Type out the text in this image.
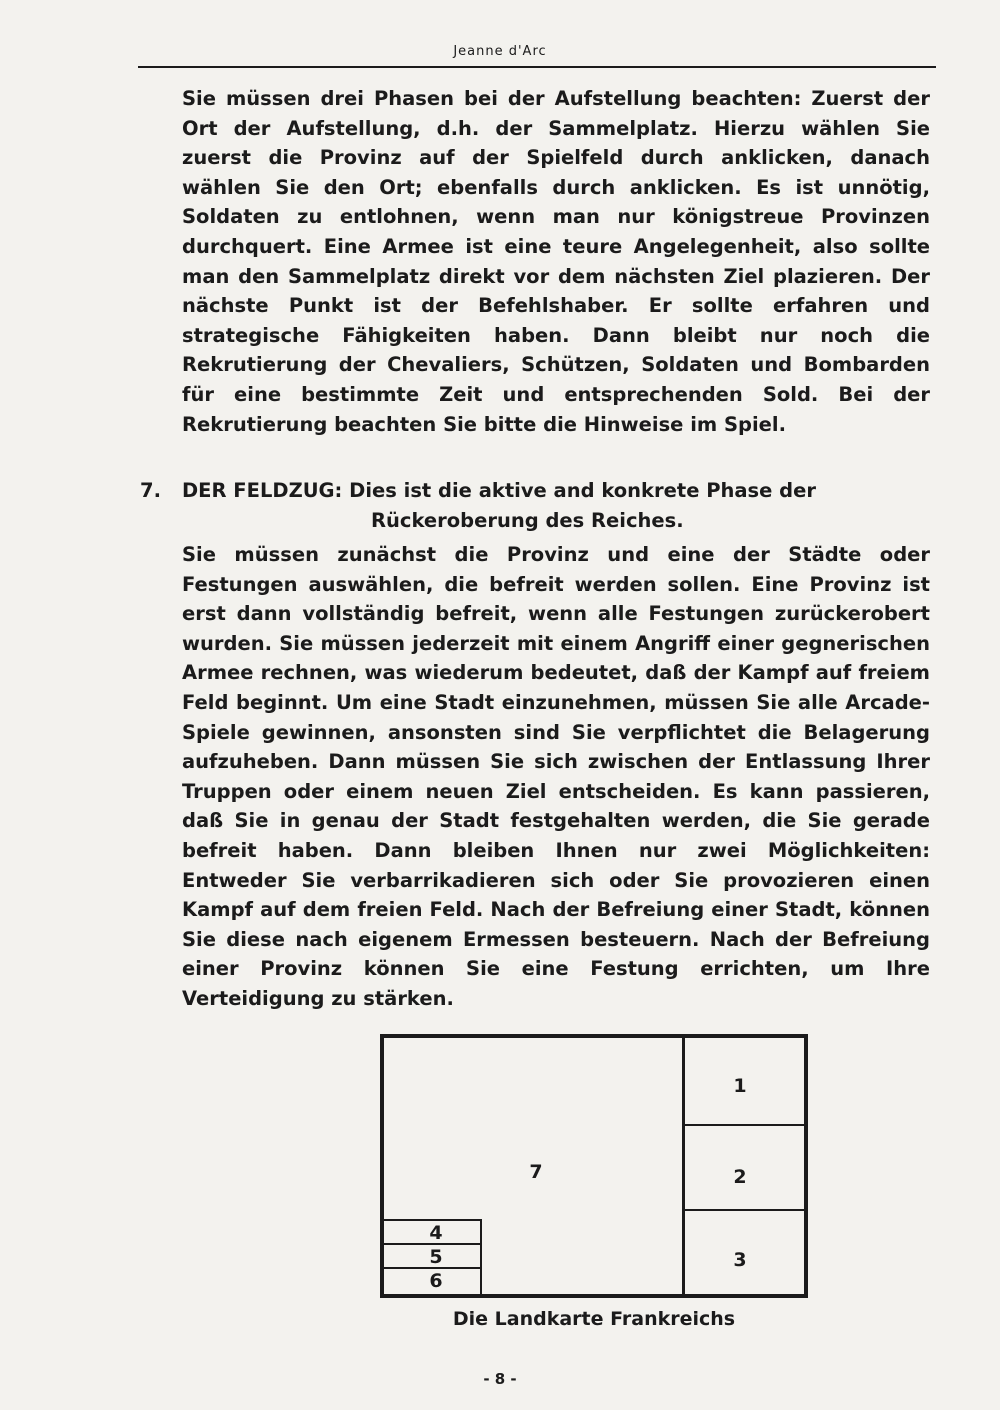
Jeanne d'Arc
Sie müssen drei Phasen bei der Aufstellung beachten: Zuerst der Ort der Aufstellung, d.h. der Sammelplatz. Hierzu wählen Sie zuerst die Provinz auf der Spielfeld durch anklicken, danach wählen Sie den Ort; ebenfalls durch anklicken. Es ist unnötig, Soldaten zu entlohnen, wenn man nur königstreue Provinzen durchquert. Eine Armee ist eine teure Angelegenheit, also sollte man den Sammelplatz direkt vor dem nächsten Ziel plazieren. Der nächste Punkt ist der Befehlshaber. Er sollte erfahren und strategische Fähigkeiten haben. Dann bleibt nur noch die Rekrutierung der Chevaliers, Schützen, Soldaten und Bombarden für eine bestimmte Zeit und entsprechenden Sold. Bei der Rekrutierung beachten Sie bitte die Hinweise im Spiel.
7.	DER FELDZUG: Dies ist die aktive and konkrete Phase der
Rückeroberung des Reiches.
Sie müssen zunächst die Provinz und eine der Städte oder Festungen auswählen, die befreit werden sollen. Eine Provinz ist erst dann vollständig befreit, wenn alle Festungen zurückerobert wurden. Sie müssen jederzeit mit einem Angriff einer gegnerischen Armee rechnen, was wiederum bedeutet, daß der Kampf auf freiem Feld beginnt. Um eine Stadt einzunehmen, müssen Sie alle Arcade-Spiele gewinnen, ansonsten sind Sie verpflichtet die Belagerung aufzuheben. Dann müssen Sie sich zwischen der Entlassung Ihrer Truppen oder einem neuen Ziel entscheiden. Es kann passieren, daß Sie in genau der Stadt festgehalten werden, die Sie gerade befreit haben. Dann bleiben Ihnen nur zwei Möglichkeiten: Entweder Sie verbarrikadieren sich oder Sie provozieren einen Kampf auf dem freien Feld. Nach der Befreiung einer Stadt, können Sie diese nach eigenem Ermessen besteuern. Nach der Befreiung einer Provinz können Sie eine Festung errichten, um Ihre Verteidigung zu stärken.
1
2
3
7
4
5
6
Die Landkarte Frankreichs
- 8 -
